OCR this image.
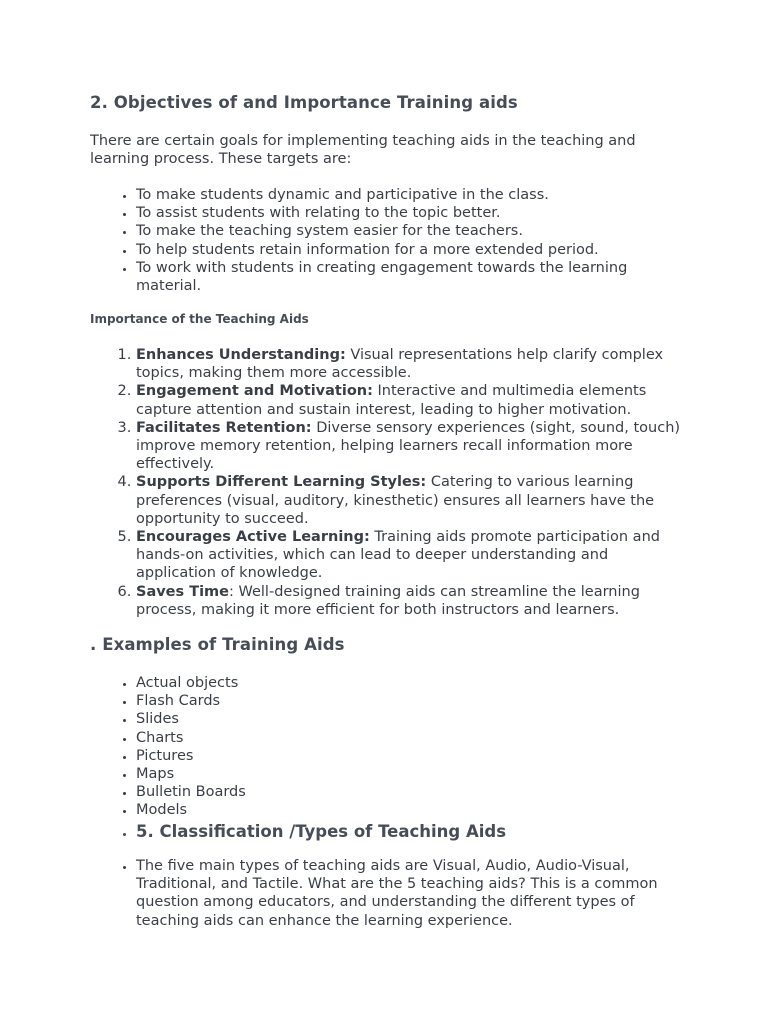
2. Objectives of and Importance Training aids

There are certain goals for implementing teaching aids in the teaching and learning process. These targets are:

• To make students dynamic and participative in the class.
• To assist students with relating to the topic better.
• To make the teaching system easier for the teachers.
• To help students retain information for a more extended period.
• To work with students in creating engagement towards the learning material.
Importance of the Teaching Aids
1. Enhances Understanding: Visual representations help clarify complex topics, making them more accessible.
2. Engagement and Motivation: Interactive and multimedia elements capture attention and sustain interest, leading to higher motivation.
3. Facilitates Retention: Diverse sensory experiences (sight, sound, touch) improve memory retention, helping learners recall information more effectively.
4. Supports Different Learning Styles: Catering to various learning preferences (visual, auditory, kinesthetic) ensures all learners have the opportunity to succeed.
5. Encourages Active Learning: Training aids promote participation and hands-on activities, which can lead to deeper understanding and application of knowledge.
6. Saves Time: Well-designed training aids can streamline the learning process, making it more efficient for both instructors and learners.
. Examples of Training Aids
• Actual objects
• Flash Cards
• Slides
• Charts
• Pictures
• Maps
• Bulletin Boards
• Models
• 5. Classification /Types of Teaching Aids
• The five main types of teaching aids are Visual, Audio, Audio-Visual, Traditional, and Tactile. What are the 5 teaching aids? This is a common question among educators, and understanding the different types of teaching aids can enhance the learning experience.
